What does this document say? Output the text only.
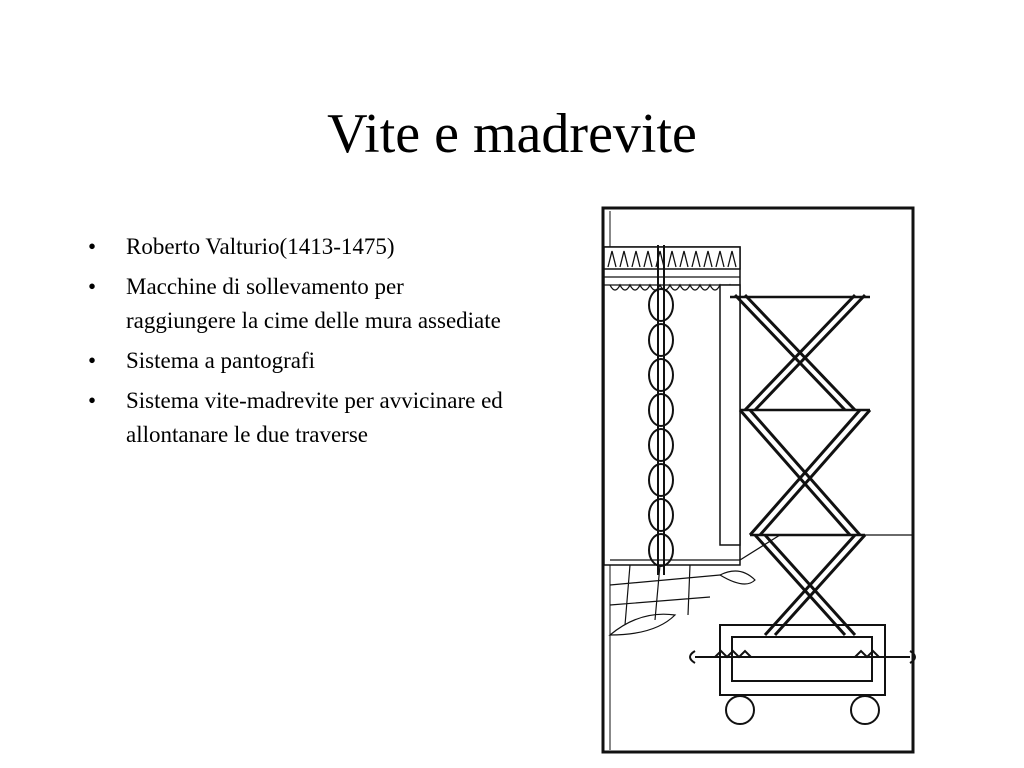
Vite e madrevite
• Roberto Valturio(1413-1475)
• Macchine di sollevamento per raggiungere la cime delle mura assediate
• Sistema a pantografi
• Sistema vite-madrevite per avvicinare ed allontanare le due traverse
